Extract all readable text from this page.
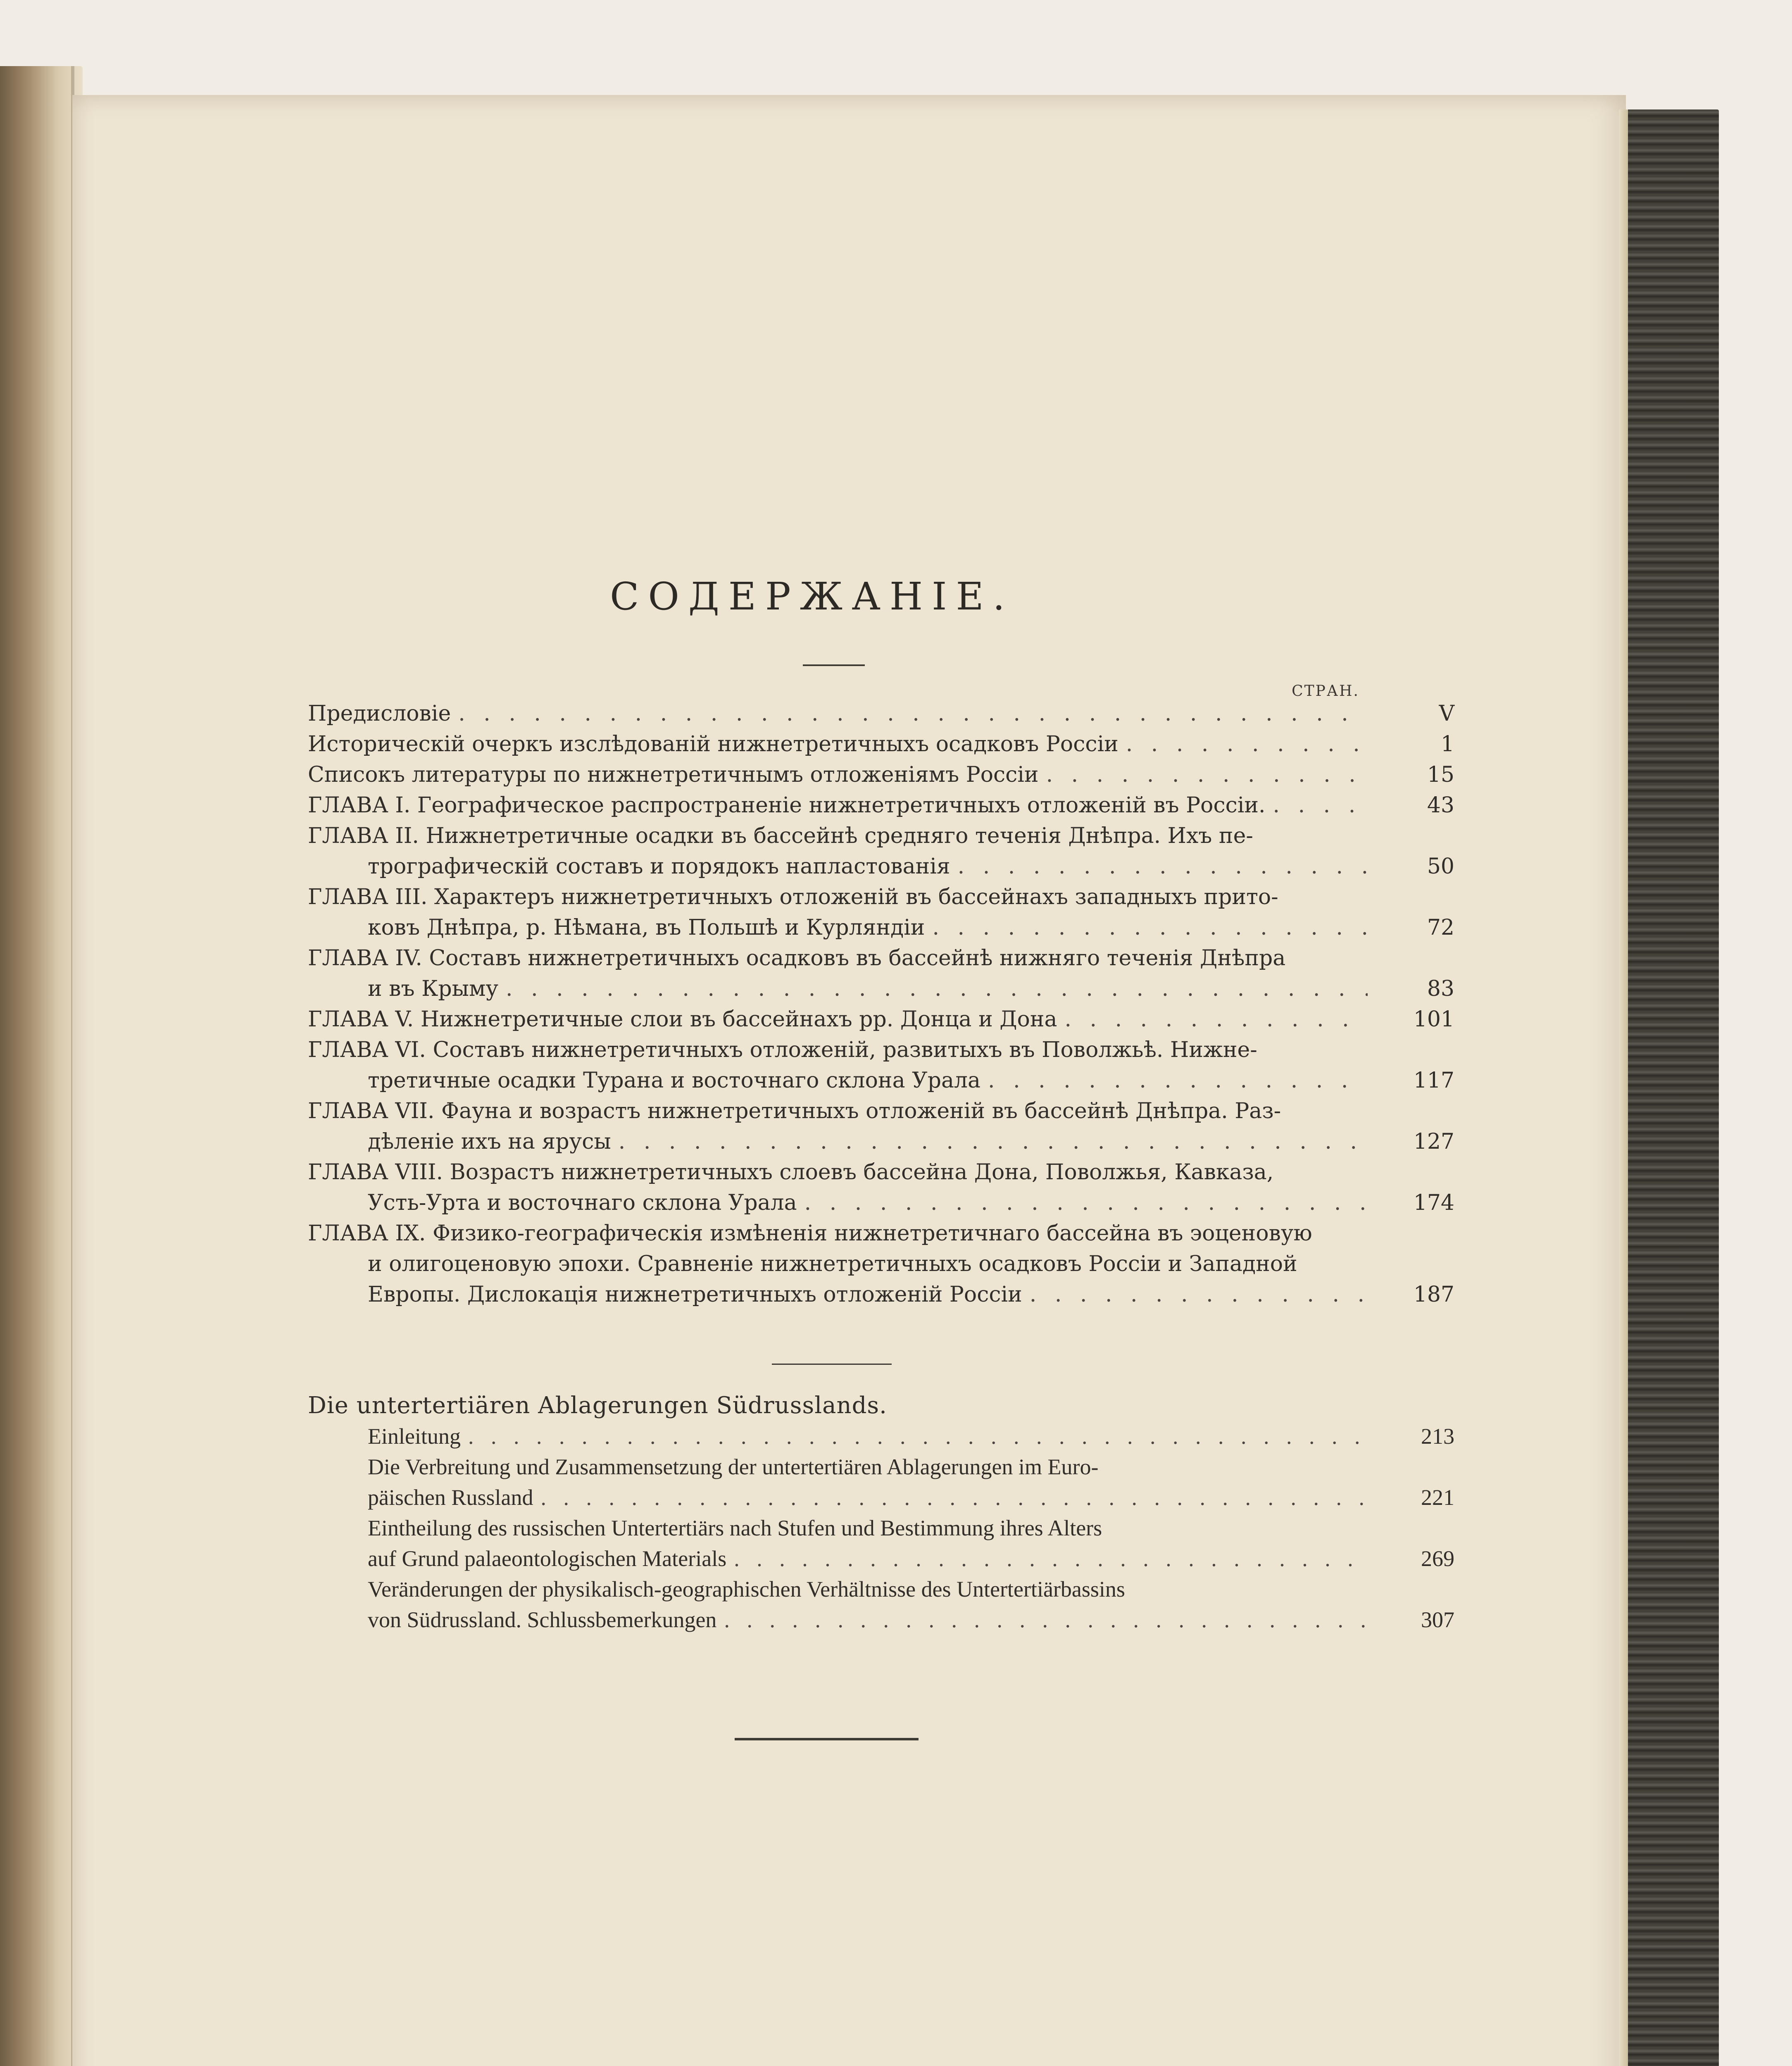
СОДЕРЖАНІЕ.
СТРАН.
Предисловіе . . .	V
Историческій очеркъ изслѣдованій нижнетретичныхъ осадковъ Россіи . . .	1
Списокъ литературы по нижнетретичнымъ отложеніямъ Россіи . . .	15
ГЛАВА I. Географическое распространеніе нижнетретичныхъ отложеній въ Россіи. . . .	43
ГЛАВА II. Нижнетретичные осадки въ бассейнѣ средняго теченія Днѣпра. Ихъ пе-
трографическій составъ и порядокъ напластованія . . .	50
ГЛАВА III. Характеръ нижнетретичныхъ отложеній въ бассейнахъ западныхъ прито-
ковъ Днѣпра, р. Нѣмана, въ Польшѣ и Курляндіи . . .	72
ГЛАВА IV. Составъ нижнетретичныхъ осадковъ въ бассейнѣ нижняго теченія Днѣпра
и въ Крыму . . .	83
ГЛАВА V. Нижнетретичные слои въ бассейнахъ рр. Донца и Дона . . .	101
ГЛАВА VI. Составъ нижнетретичныхъ отложеній, развитыхъ въ Поволжьѣ. Нижне-
третичные осадки Турана и восточнаго склона Урала . . .	117
ГЛАВА VII. Фауна и возрастъ нижнетретичныхъ отложеній въ бассейнѣ Днѣпра. Раз-
дѣленіе ихъ на ярусы . . .	127
ГЛАВА VIII. Возрастъ нижнетретичныхъ слоевъ бассейна Дона, Поволжья, Кавказа,
Усть-Урта и восточнаго склона Урала . . .	174
ГЛАВА IX. Физико-географическія измѣненія нижнетретичнаго бассейна въ эоценовую
и олигоценовую эпохи. Сравненіе нижнетретичныхъ осадковъ Россіи и Западной
Европы. Дислокація нижнетретичныхъ отложеній Россіи . . .	187
Die untertertiären Ablagerungen Südrusslands.
Einleitung . . .	213
Die Verbreitung und Zusammensetzung der untertertiären Ablagerungen im Euro-
päischen Russland . . .	221
Eintheilung des russischen Untertertiärs nach Stufen und Bestimmung ihres Alters
auf Grund palaeontologischen Materials . . .	269
Veränderungen der physikalisch-geographischen Verhältnisse des Untertertiärbassins
von Südrussland. Schlussbemerkungen . . .	307
